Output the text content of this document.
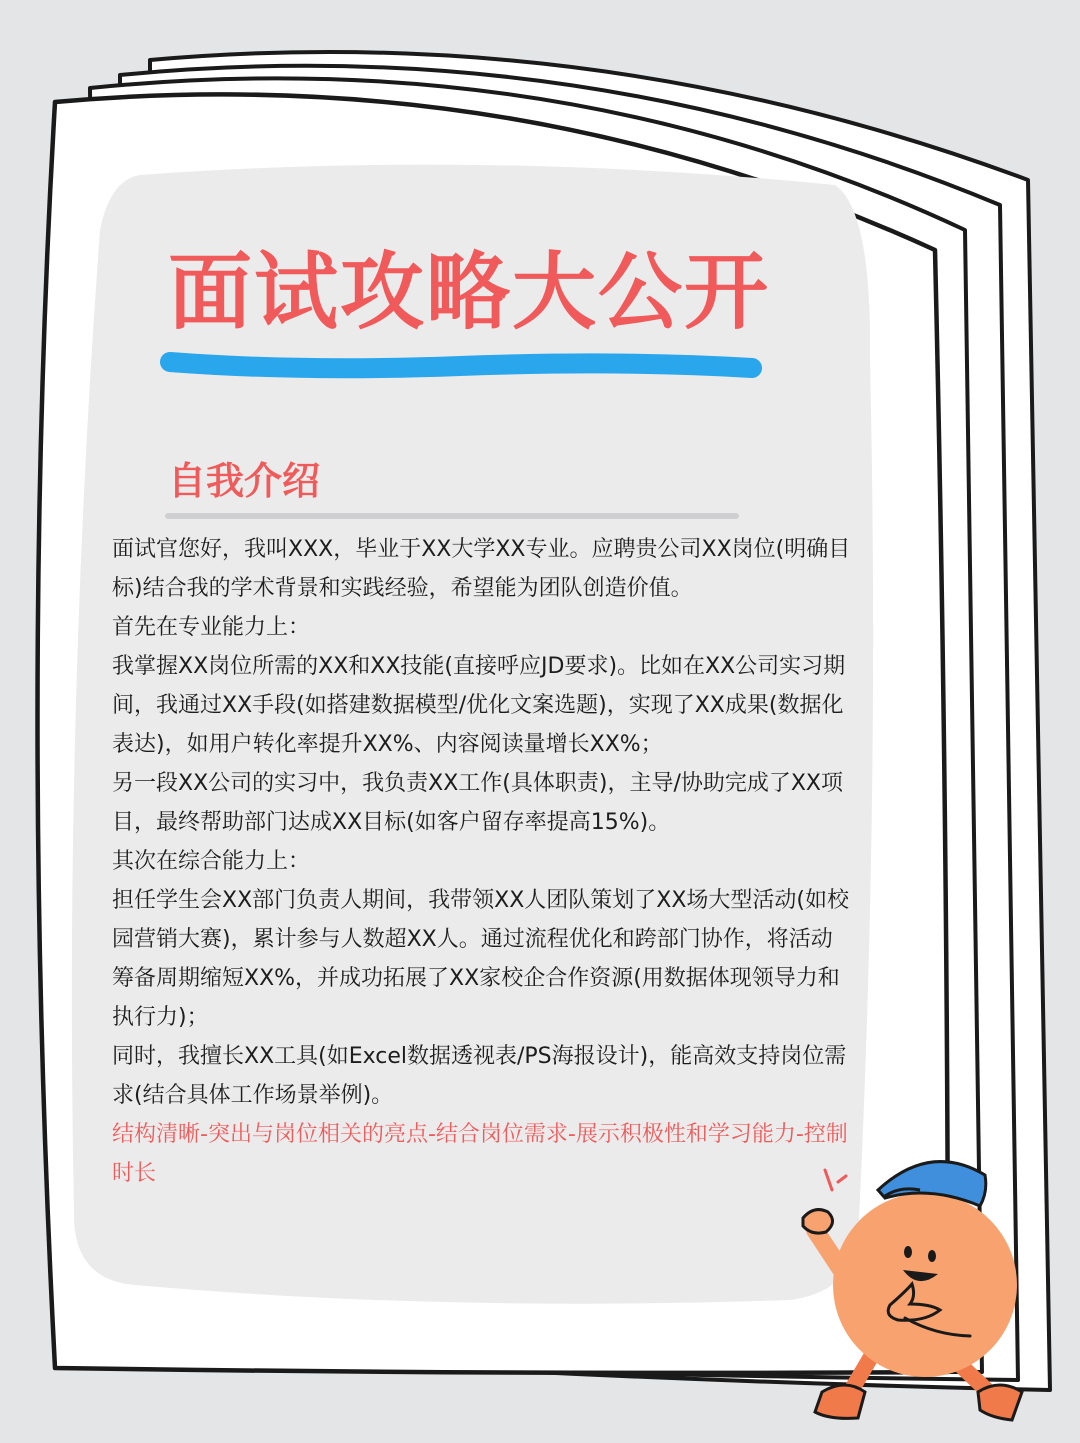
面试攻略大公开
自我介绍

面试官您好，我叫XXX，毕业于XX大学XX专业。应聘贵公司XX岗位(明确目标)结合我的学术背景和实践经验，希望能为团队创造价值。

首先在专业能力上：

我掌握XX岗位所需的XX和XX技能(直接呼应JD要求)。比如在XX公司实习期间，我通过XX手段(如搭建数据模型/优化文案选题)，实现了XX成果(数据化表达)，如用户转化率提升XX%、内容阅读量增长XX%；

另一段XX公司的实习中，我负责XX工作(具体职责)，主导/协助完成了XX项目，最终帮助部门达成XX目标(如客户留存率提高15%)。

其次在综合能力上：

担任学生会XX部门负责人期间，我带领XX人团队策划了XX场大型活动(如校园营销大赛)，累计参与人数超XX人。通过流程优化和跨部门协作，将活动筹备周期缩短XX%，并成功拓展了XX家校企合作资源(用数据体现领导力和执行力)；

同时，我擅长XX工具(如Excel数据透视表/PS海报设计)，能高效支持岗位需求(结合具体工作场景举例)。

结构清晰-突出与岗位相关的亮点-结合岗位需求-展示积极性和学习能力-控制时长
